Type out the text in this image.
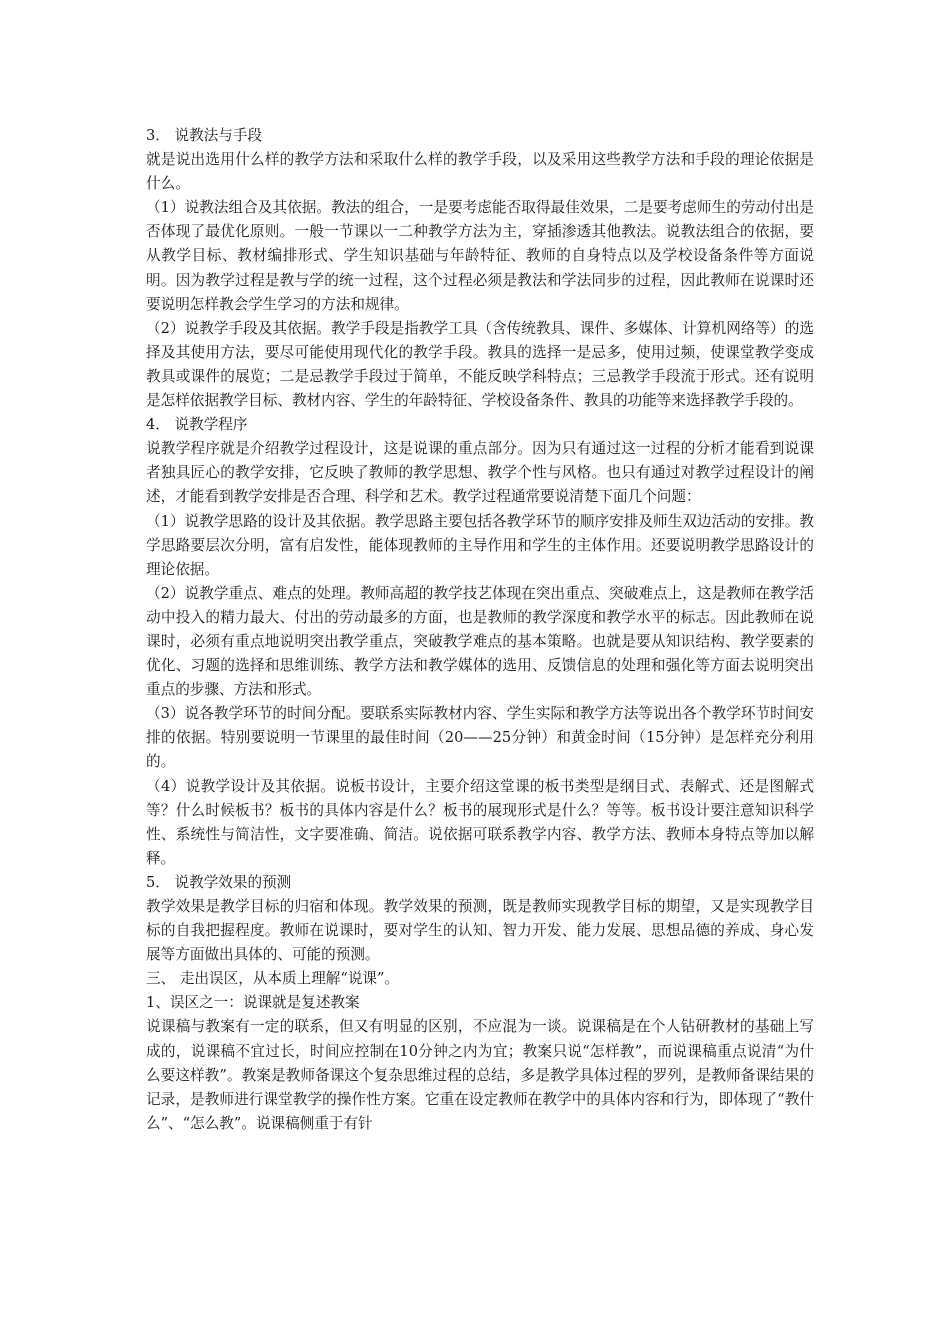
3． 说教法与手段

就是说出选用什么样的教学方法和采取什么样的教学手段，以及采用这些教学方法和手段的理论依据是什么。

（1）说教法组合及其依据。教法的组合，一是要考虑能否取得最佳效果，二是要考虑师生的劳动付出是否体现了最优化原则。一般一节课以一二种教学方法为主，穿插渗透其他教法。说教法组合的依据，要从教学目标、教材编排形式、学生知识基础与年龄特征、教师的自身特点以及学校设备条件等方面说明。因为教学过程是教与学的统一过程，这个过程必须是教法和学法同步的过程，因此教师在说课时还要说明怎样教会学生学习的方法和规律。

（2）说教学手段及其依据。教学手段是指教学工具（含传统教具、课件、多媒体、计算机网络等）的选择及其使用方法，要尽可能使用现代化的教学手段。教具的选择一是忌多，使用过频，使课堂教学变成教具或课件的展览；二是忌教学手段过于简单，不能反映学科特点；三忌教学手段流于形式。还有说明是怎样依据教学目标、教材内容、学生的年龄特征、学校设备条件、教具的功能等来选择教学手段的。

4． 说教学程序

说教学程序就是介绍教学过程设计，这是说课的重点部分。因为只有通过这一过程的分析才能看到说课者独具匠心的教学安排，它反映了教师的教学思想、教学个性与风格。也只有通过对教学过程设计的阐述，才能看到教学安排是否合理、科学和艺术。教学过程通常要说清楚下面几个问题：

（1）说教学思路的设计及其依据。教学思路主要包括各教学环节的顺序安排及师生双边活动的安排。教学思路要层次分明，富有启发性，能体现教师的主导作用和学生的主体作用。还要说明教学思路设计的理论依据。

（2）说教学重点、难点的处理。教师高超的教学技艺体现在突出重点、突破难点上，这是教师在教学活动中投入的精力最大、付出的劳动最多的方面，也是教师的教学深度和教学水平的标志。因此教师在说课时，必须有重点地说明突出教学重点，突破教学难点的基本策略。也就是要从知识结构、教学要素的优化、习题的选择和思维训练、教学方法和教学媒体的选用、反馈信息的处理和强化等方面去说明突出重点的步骤、方法和形式。

（3）说各教学环节的时间分配。要联系实际教材内容、学生实际和教学方法等说出各个教学环节时间安排的依据。特别要说明一节课里的最佳时间（20——25分钟）和黄金时间（15分钟）是怎样充分利用的。

（4）说教学设计及其依据。说板书设计，主要介绍这堂课的板书类型是纲目式、表解式、还是图解式等？什么时候板书？板书的具体内容是什么？板书的展现形式是什么？等等。板书设计要注意知识科学性、系统性与简洁性，文字要准确、简洁。说依据可联系教学内容、教学方法、教师本身特点等加以解释。

5． 说教学效果的预测

教学效果是教学目标的归宿和体现。教学效果的预测，既是教师实现教学目标的期望，又是实现教学目标的自我把握程度。教师在说课时，要对学生的认知、智力开发、能力发展、思想品德的养成、身心发展等方面做出具体的、可能的预测。

三、 走出误区，从本质上理解“说课”。

1、误区之一：说课就是复述教案

说课稿与教案有一定的联系，但又有明显的区别，不应混为一谈。说课稿是在个人钻研教材的基础上写成的，说课稿不宜过长，时间应控制在10分钟之内为宜；教案只说“怎样教”，而说课稿重点说清“为什么要这样教”。教案是教师备课这个复杂思维过程的总结，多是教学具体过程的罗列，是教师备课结果的记录，是教师进行课堂教学的操作性方案。它重在设定教师在教学中的具体内容和行为，即体现了“教什么”、“怎么教”。说课稿侧重于有针
